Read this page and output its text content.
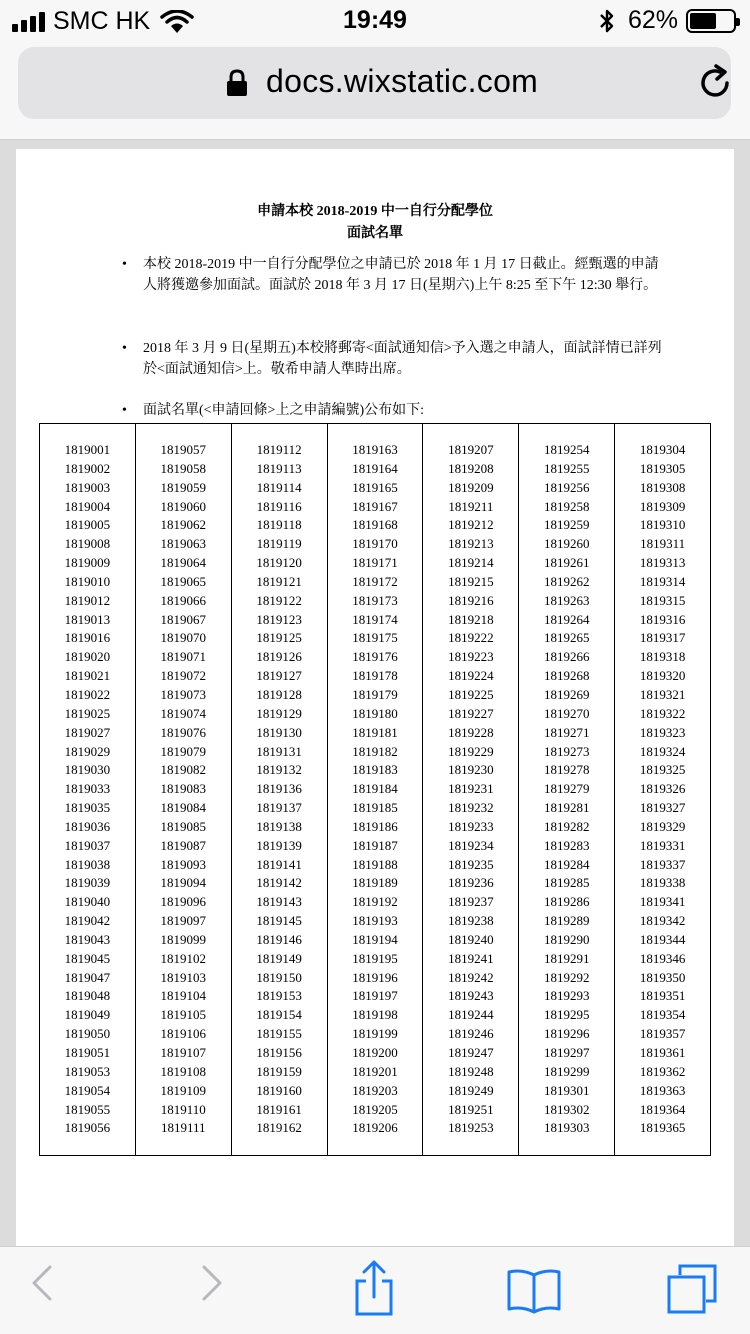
SMC HK	19:49	62%
docs.wixstatic.com
申請本校 2018-2019 中一自行分配學位
面試名單
• 本校 2018-2019 中一自行分配學位之申請已於 2018 年 1 月 17 日截止。經甄選的申請人將獲邀參加面試。面試於 2018 年 3 月 17 日(星期六)上午 8:25 至下午 12:30 舉行。
• 2018 年 3 月 9 日(星期五)本校將郵寄<面試通知信>予入選之申請人，面試詳情已詳列於<面試通知信>上。敬希申請人準時出席。
• 面試名單(<申請回條>上之申請編號)公布如下:
1819001
1819002
1819003
1819004
1819005
1819008
1819009
1819010
1819012
1819013
1819016
1819020
1819021
1819022
1819025
1819027
1819029
1819030
1819033
1819035
1819036
1819037
1819038
1819039
1819040
1819042
1819043
1819045
1819047
1819048
1819049
1819050
1819051
1819053
1819054
1819055
1819056
1819057
1819058
1819059
1819060
1819062
1819063
1819064
1819065
1819066
1819067
1819070
1819071
1819072
1819073
1819074
1819076
1819079
1819082
1819083
1819084
1819085
1819087
1819093
1819094
1819096
1819097
1819099
1819102
1819103
1819104
1819105
1819106
1819107
1819108
1819109
1819110
1819111
1819112
1819113
1819114
1819116
1819118
1819119
1819120
1819121
1819122
1819123
1819125
1819126
1819127
1819128
1819129
1819130
1819131
1819132
1819136
1819137
1819138
1819139
1819141
1819142
1819143
1819145
1819146
1819149
1819150
1819153
1819154
1819155
1819156
1819159
1819160
1819161
1819162
1819163
1819164
1819165
1819167
1819168
1819170
1819171
1819172
1819173
1819174
1819175
1819176
1819178
1819179
1819180
1819181
1819182
1819183
1819184
1819185
1819186
1819187
1819188
1819189
1819192
1819193
1819194
1819195
1819196
1819197
1819198
1819199
1819200
1819201
1819203
1819205
1819206
1819207
1819208
1819209
1819211
1819212
1819213
1819214
1819215
1819216
1819218
1819222
1819223
1819224
1819225
1819227
1819228
1819229
1819230
1819231
1819232
1819233
1819234
1819235
1819236
1819237
1819238
1819240
1819241
1819242
1819243
1819244
1819246
1819247
1819248
1819249
1819251
1819253
1819254
1819255
1819256
1819258
1819259
1819260
1819261
1819262
1819263
1819264
1819265
1819266
1819268
1819269
1819270
1819271
1819273
1819278
1819279
1819281
1819282
1819283
1819284
1819285
1819286
1819289
1819290
1819291
1819292
1819293
1819295
1819296
1819297
1819299
1819301
1819302
1819303
1819304
1819305
1819308
1819309
1819310
1819311
1819313
1819314
1819315
1819316
1819317
1819318
1819320
1819321
1819322
1819323
1819324
1819325
1819326
1819327
1819329
1819331
1819337
1819338
1819341
1819342
1819344
1819346
1819350
1819351
1819354
1819357
1819361
1819362
1819363
1819364
1819365
